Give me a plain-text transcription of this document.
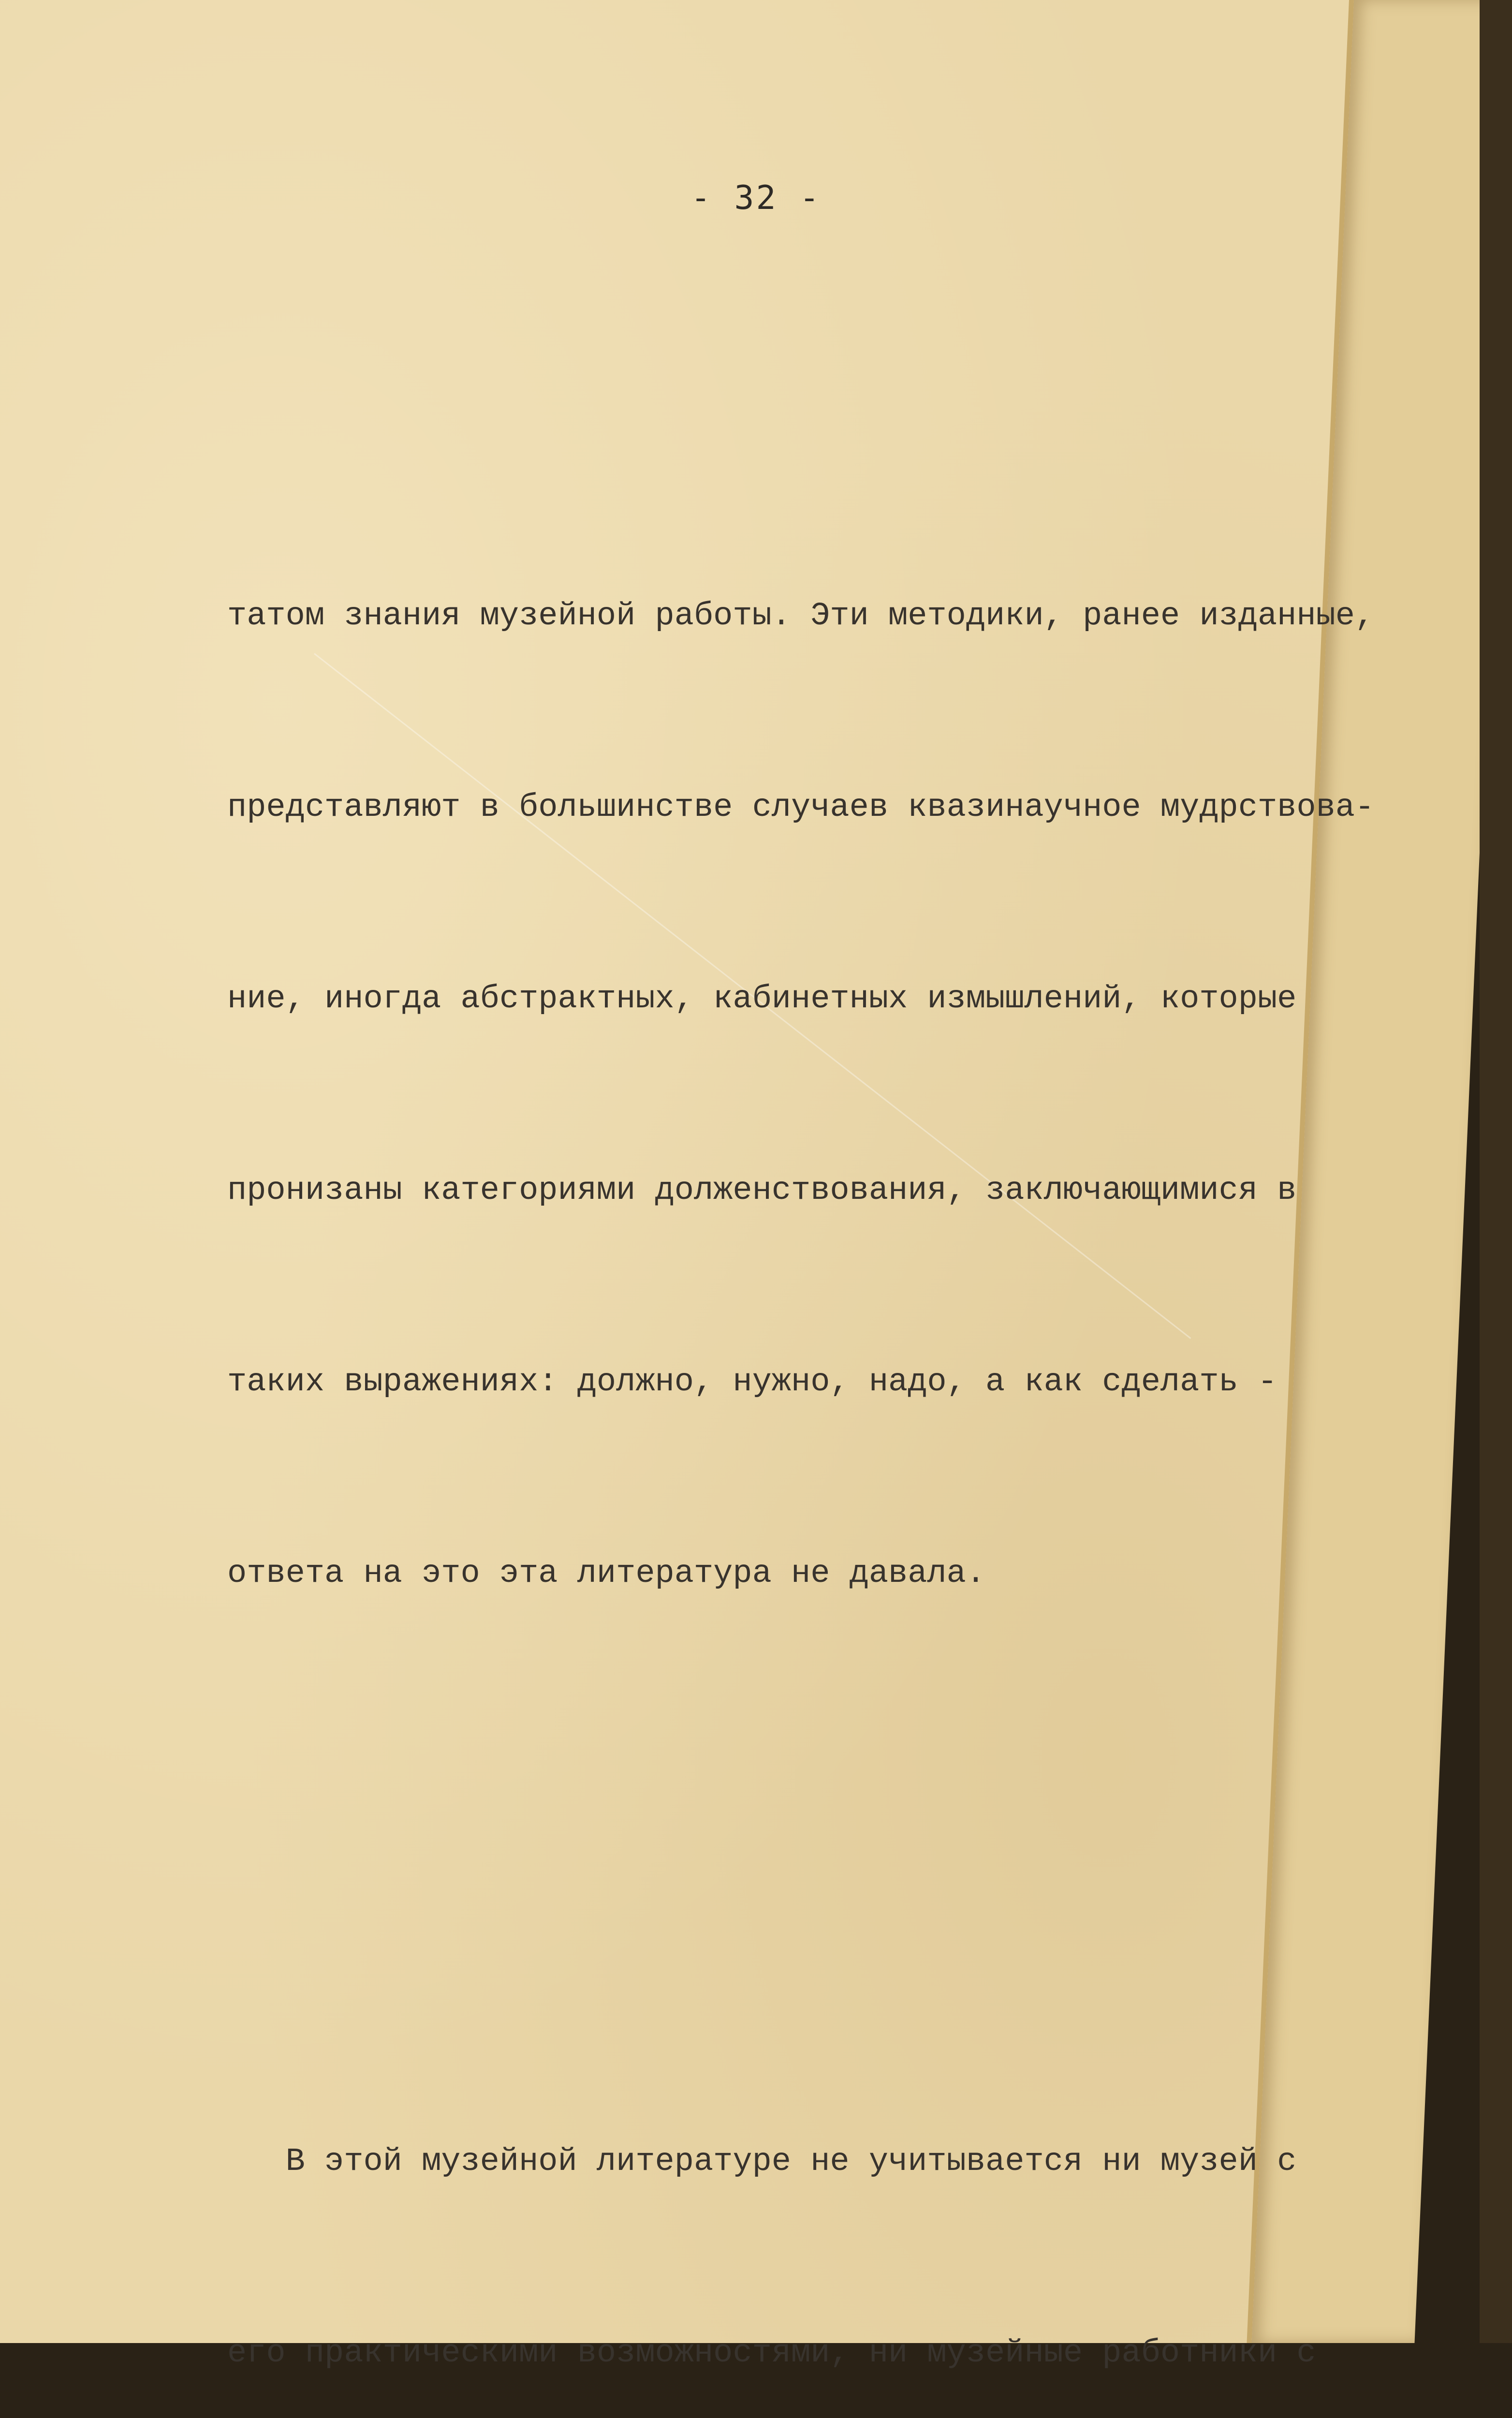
- 32 -

татом знания музейной работы. Эти методики, ранее изданные,

представляют в большинстве случаев квазинаучное мудрствова-

ние, иногда абстрактных, кабинетных измышлений, которые

пронизаны категориями долженствования, заключающимися в

таких выражениях: должно, нужно, надо, а как сделать -

ответа на это эта литература не давала.

В этой музейной литературе не учитывается ни музей с

его практическими возможностями, ни музейные работники с
